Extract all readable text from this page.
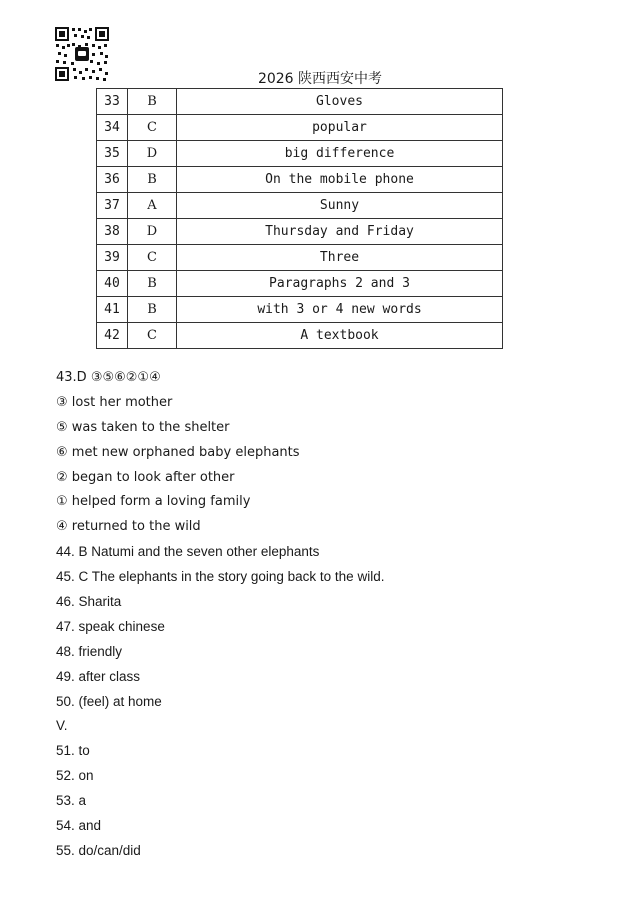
2026 陕西西安中考
33	B	Gloves
34	C	popular
35	D	big difference
36	B	On the mobile phone
37	A	Sunny
38	D	Thursday and Friday
39	C	Three
40	B	Paragraphs 2 and 3
41	B	with 3 or 4 new words
42	C	A textbook
43.D ③⑤⑥②①④
③ lost her mother
⑤ was taken to the shelter
⑥ met new orphaned baby elephants
② began to look after other
① helped form a loving family
④ returned to the wild
44. B Natumi and the seven other elephants
45. C The elephants in the story going back to the wild.
46. Sharita
47. speak chinese
48. friendly
49. after class
50. (feel) at home
V.
51. to
52. on
53. a
54. and
55. do/can/did
